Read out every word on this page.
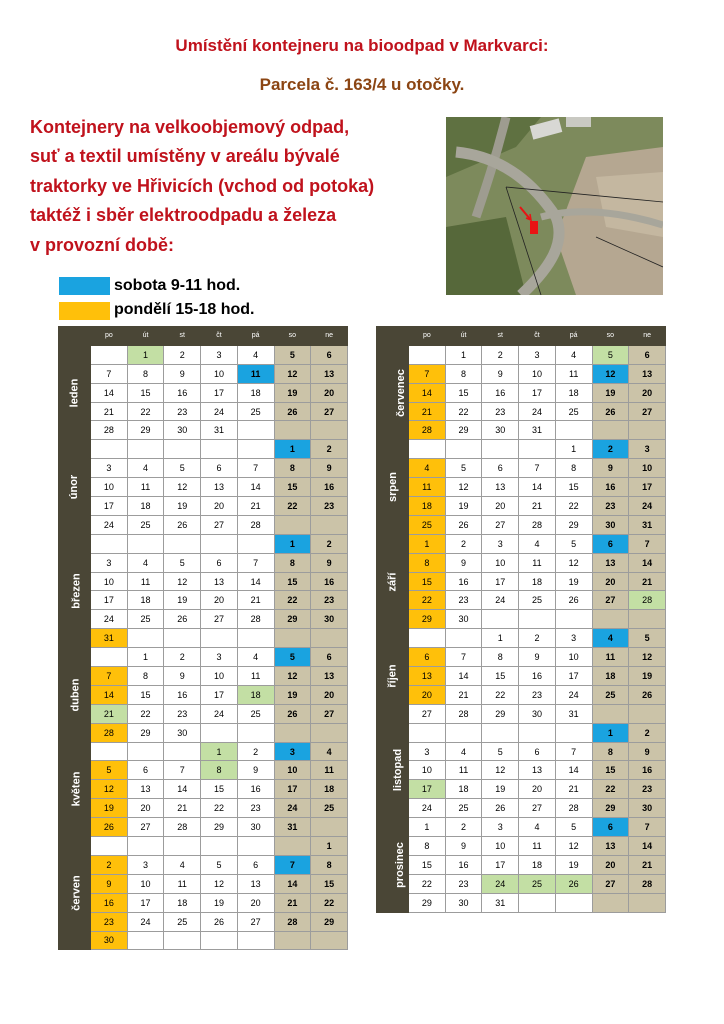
Umístění kontejneru na bioodpad v Markvarci:
Parcela č. 163/4 u otočky.
Kontejnery na velkoobjemový odpad,
suť a textil umístěny v areálu bývalé
traktorky ve Hřivicích (vchod od potoka)
taktéž i sběr elektroodpadu a železa
v provozní době:
sobota 9-11 hod.
pondělí 15-18 hod.
	po	út	st	čt	pá	so	ne
leden		1	2	3	4	5	6
	7	8	9	10	11	12	13
	14	15	16	17	18	19	20
	21	22	23	24	25	26	27
	28	29	30	31			
únor						1	2
	3	4	5	6	7	8	9
	10	11	12	13	14	15	16
	17	18	19	20	21	22	23
	24	25	26	27	28		
březen						1	2
	3	4	5	6	7	8	9
	10	11	12	13	14	15	16
	17	18	19	20	21	22	23
	24	25	26	27	28	29	30
	31						
duben		1	2	3	4	5	6
	7	8	9	10	11	12	13
	14	15	16	17	18	19	20
	21	22	23	24	25	26	27
	28	29	30				
květen				1	2	3	4
	5	6	7	8	9	10	11
	12	13	14	15	16	17	18
	19	20	21	22	23	24	25
	26	27	28	29	30	31	
červen							1
	2	3	4	5	6	7	8
	9	10	11	12	13	14	15
	16	17	18	19	20	21	22
	23	24	25	26	27	28	29
	30						
	po	út	st	čt	pá	so	ne
červenec		1	2	3	4	5	6
	7	8	9	10	11	12	13
	14	15	16	17	18	19	20
	21	22	23	24	25	26	27
	28	29	30	31			
srpen					1	2	3
	4	5	6	7	8	9	10
	11	12	13	14	15	16	17
	18	19	20	21	22	23	24
	25	26	27	28	29	30	31
září	1	2	3	4	5	6	7
	8	9	10	11	12	13	14
	15	16	17	18	19	20	21
	22	23	24	25	26	27	28
	29	30					
říjen			1	2	3	4	5
	6	7	8	9	10	11	12
	13	14	15	16	17	18	19
	20	21	22	23	24	25	26
	27	28	29	30	31		
listopad						1	2
	3	4	5	6	7	8	9
	10	11	12	13	14	15	16
	17	18	19	20	21	22	23
	24	25	26	27	28	29	30
prosinec	1	2	3	4	5	6	7
	8	9	10	11	12	13	14
	15	16	17	18	19	20	21
	22	23	24	25	26	27	28
	29	30	31				
